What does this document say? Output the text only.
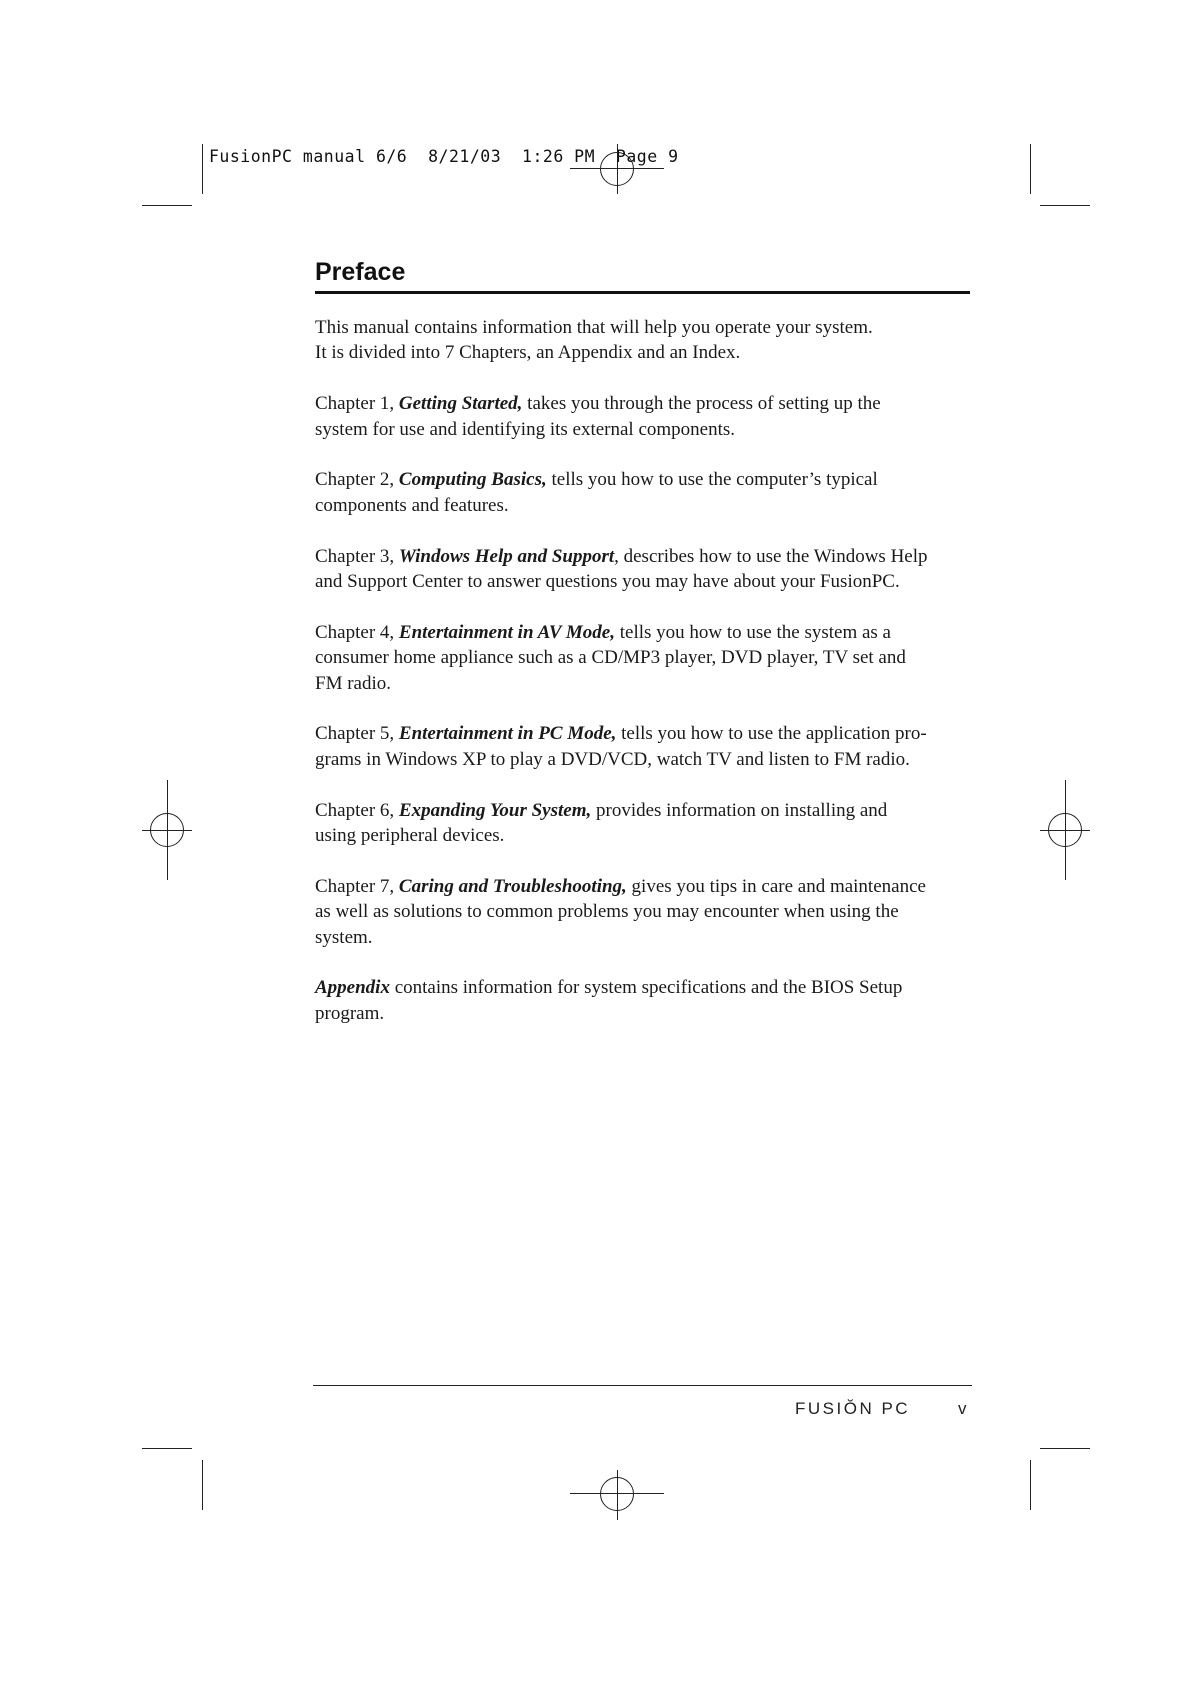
FusionPC manual 6/6  8/21/03  1:26 PM  Page 9
Preface

This manual contains information that will help you operate your system.
It is divided into 7 Chapters, an Appendix and an Index.

Chapter 1, Getting Started, takes you through the process of setting up the
system for use and identifying its external components.

Chapter 2, Computing Basics, tells you how to use the computer’s typical
components and features.

Chapter 3, Windows Help and Support, describes how to use the Windows Help
and Support Center to answer questions you may have about your FusionPC.

Chapter 4, Entertainment in AV Mode, tells you how to use the system as a
consumer home appliance such as a CD/MP3 player, DVD player, TV set and
FM radio.

Chapter 5, Entertainment in PC Mode, tells you how to use the application pro-
grams in Windows XP to play a DVD/VCD, watch TV and listen to FM radio.

Chapter 6, Expanding Your System, provides information on installing and
using peripheral devices.

Chapter 7, Caring and Troubleshooting, gives you tips in care and maintenance
as well as solutions to common problems you may encounter when using the
system.

Appendix contains information for system specifications and the BIOS Setup
program.

FUSIŎN PC	v
